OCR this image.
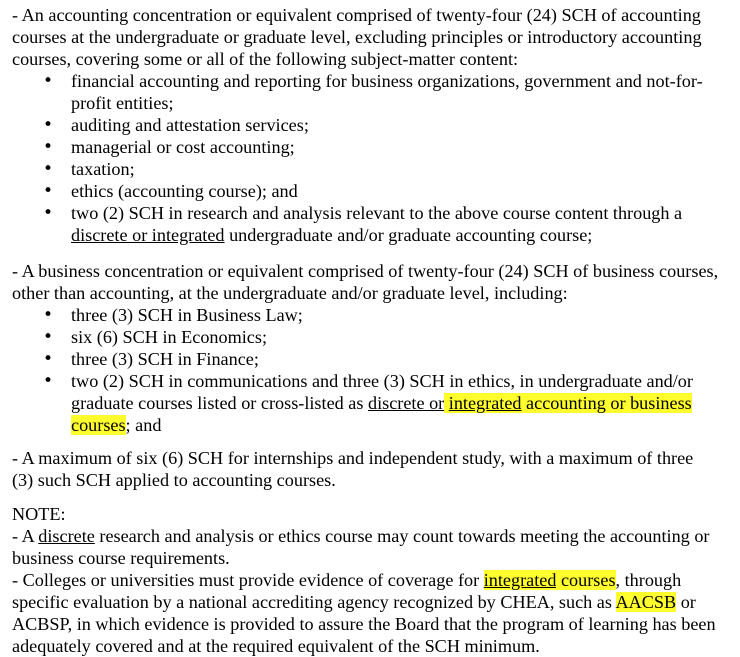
- An accounting concentration or equivalent comprised of twenty-four (24) SCH of accounting
courses at the undergraduate or graduate level, excluding principles or introductory accounting
courses, covering some or all of the following subject-matter content:
• financial accounting and reporting for business organizations, government and not-for-
profit entities;
• auditing and attestation services;
• managerial or cost accounting;
• taxation;
• ethics (accounting course); and
• two (2) SCH in research and analysis relevant to the above course content through a
discrete or integrated undergraduate and/or graduate accounting course;
- A business concentration or equivalent comprised of twenty-four (24) SCH of business courses,
other than accounting, at the undergraduate and/or graduate level, including:
• three (3) SCH in Business Law;
• six (6) SCH in Economics;
• three (3) SCH in Finance;
• two (2) SCH in communications and three (3) SCH in ethics, in undergraduate and/or
graduate courses listed or cross-listed as discrete or integrated accounting or business
courses; and
- A maximum of six (6) SCH for internships and independent study, with a maximum of three
(3) such SCH applied to accounting courses.
NOTE:
- A discrete research and analysis or ethics course may count towards meeting the accounting or
business course requirements.
- Colleges or universities must provide evidence of coverage for integrated courses, through
specific evaluation by a national accrediting agency recognized by CHEA, such as AACSB or
ACBSP, in which evidence is provided to assure the Board that the program of learning has been
adequately covered and at the required equivalent of the SCH minimum.
